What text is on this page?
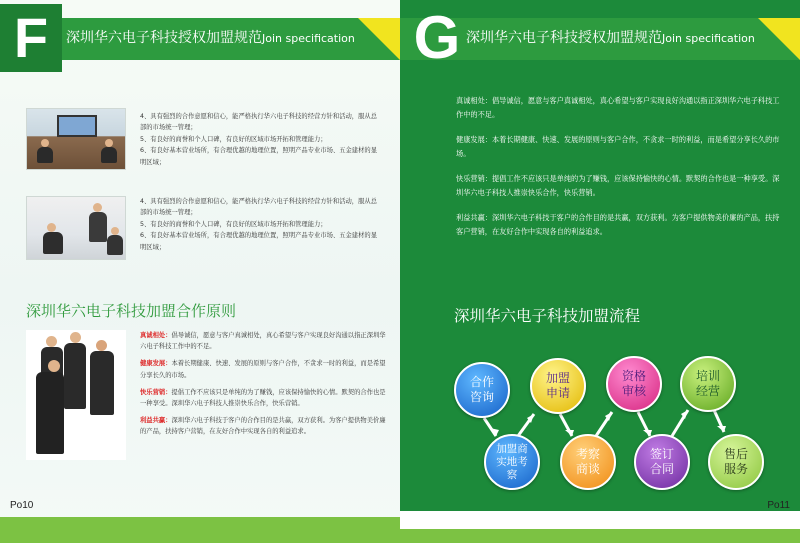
F	深圳华六电子科技授权加盟规范Join specification

4、具有强烈的合作意愿和信心，能严格执行华六电子科技的经营方针和活动，服从总部的市场统一管理；

5、有良好的商誉和个人口碑，有良好的区域市场开拓和管理能力；

6、有良好基本营业场所，有合理优越的地理位置，照明产品专业市场、五金建材的显明区域；

4、具有强烈的合作意愿和信心，能严格执行华六电子科技的经营方针和活动，服从总部的市场统一管理；

5、有良好的商誉和个人口碑，有良好的区域市场开拓和管理能力；

6、有良好基本营业场所，有合理优越的地理位置，照明产品专业市场、五金建材的显明区域；

深圳华六电子科技加盟合作原则
真诚相处：倡导诚信，愿意与客户真诚相处，真心希望与客户实现良好沟通以指正深圳华六电子科技工作中的不足。
健康发展：本着长期健康、快速、发展的原则与客户合作，不贪求一时的利益，而是希望分享长久的市场。
快乐营销：提倡工作不应该只是单纯的为了赚钱，应该保持愉快的心情。默契的合作也是一种享受。深圳华六电子科技人推崇快乐合作，快乐营销。
利益共赢：深圳华六电子科技于客户的合作目的是共赢，双方获利。为客户提供物美价廉的产品，扶持客户营销，在友好合作中实现各自的利益追求。
Po10
G 深圳华六电子科技授权加盟规范Join specification
真诚相处：倡导诚信，愿意与客户真诚相处，真心希望与客户实现良好沟通以指正深圳华六电子科技工作中的不足。
健康发展：本着长期健康、快速、发展的原则与客户合作，不贪求一时的利益，而是希望分享长久的市场。
快乐营销：提倡工作不应该只是单纯的为了赚钱，应该保持愉快的心情。默契的合作也是一种享受。深圳华六电子科技人推崇快乐合作，快乐营销。
利益共赢：深圳华六电子科技于客户的合作目的是共赢，双方获利。为客户提供物美价廉的产品，扶持客户营销，在友好合作中实现各自的利益追求。
深圳华六电子科技加盟流程
合作
咨询
加盟商
实地考
察
加盟
申请
考察
商谈
资格
审核
签订
合同
培训
经营
售后
服务
Po11
